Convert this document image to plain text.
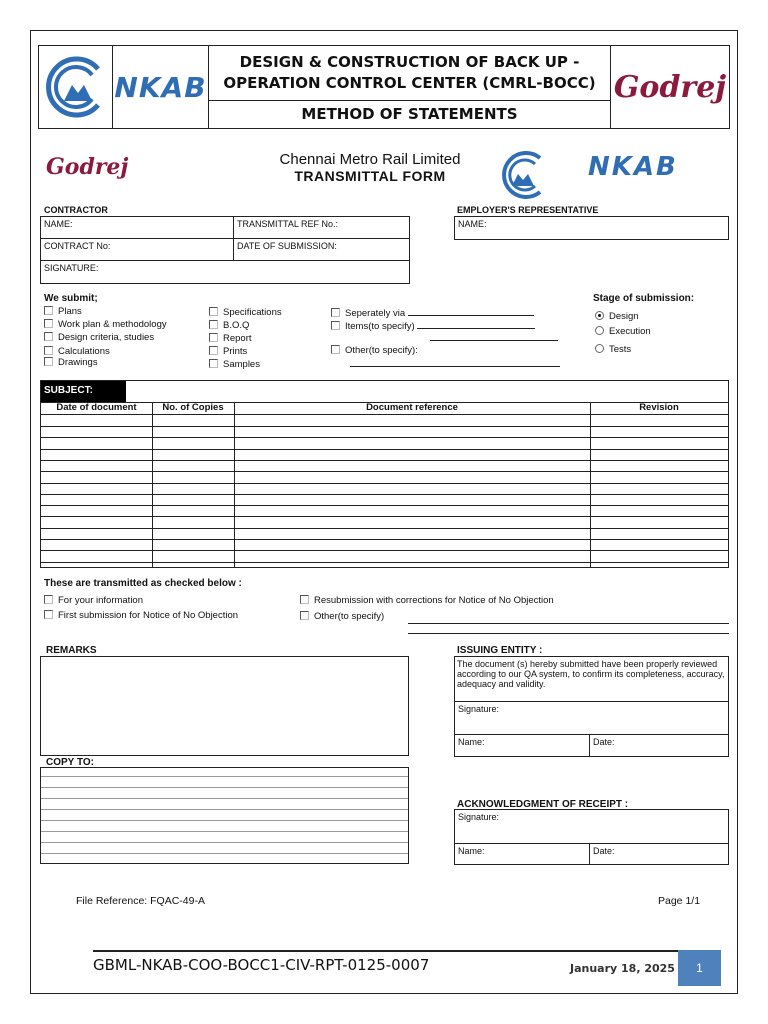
NKAB
DESIGN & CONSTRUCTION OF BACK UP -
OPERATION CONTROL CENTER (CMRL-BOCC)
METHOD OF STATEMENTS
Godrej
Godrej	Chennai Metro Rail Limited
TRANSMITTAL FORM	NKAB
CONTRACTOR
NAME:	TRANSMITTAL REF No.:
CONTRACT No:	DATE OF SUBMISSION:
SIGNATURE:
EMPLOYER'S REPRESENTATIVE
NAME:
We submit;
Plans
Work plan & methodology
Design criteria, studies
Calculations
Drawings
Specifications
B.O.Q
Report
Prints
Samples
Seperately via
Items(to specify)
Other(to specify):
Stage of submission:
Design
Execution
Tests
SUBJECT:
Date of document	No. of Copies	Document reference	Revision
These are transmitted as checked below :
For your information	Resubmission with corrections for Notice of No Objection
First submission for Notice of No Objection	Other(to specify)
REMARKS
COPY TO:
ISSUING ENTITY :
The document (s) hereby submitted have been properly reviewed according to our QA system, to confirm its completeness, accuracy, adequacy and validity.
Signature:
Name:	Date:
ACKNOWLEDGMENT OF RECEIPT :
Signature:
Name:	Date:
File Reference: FQAC-49-A	Page 1/1
GBML-NKAB-COO-BOCC1-CIV-RPT-0125-0007	January 18, 2025	1
